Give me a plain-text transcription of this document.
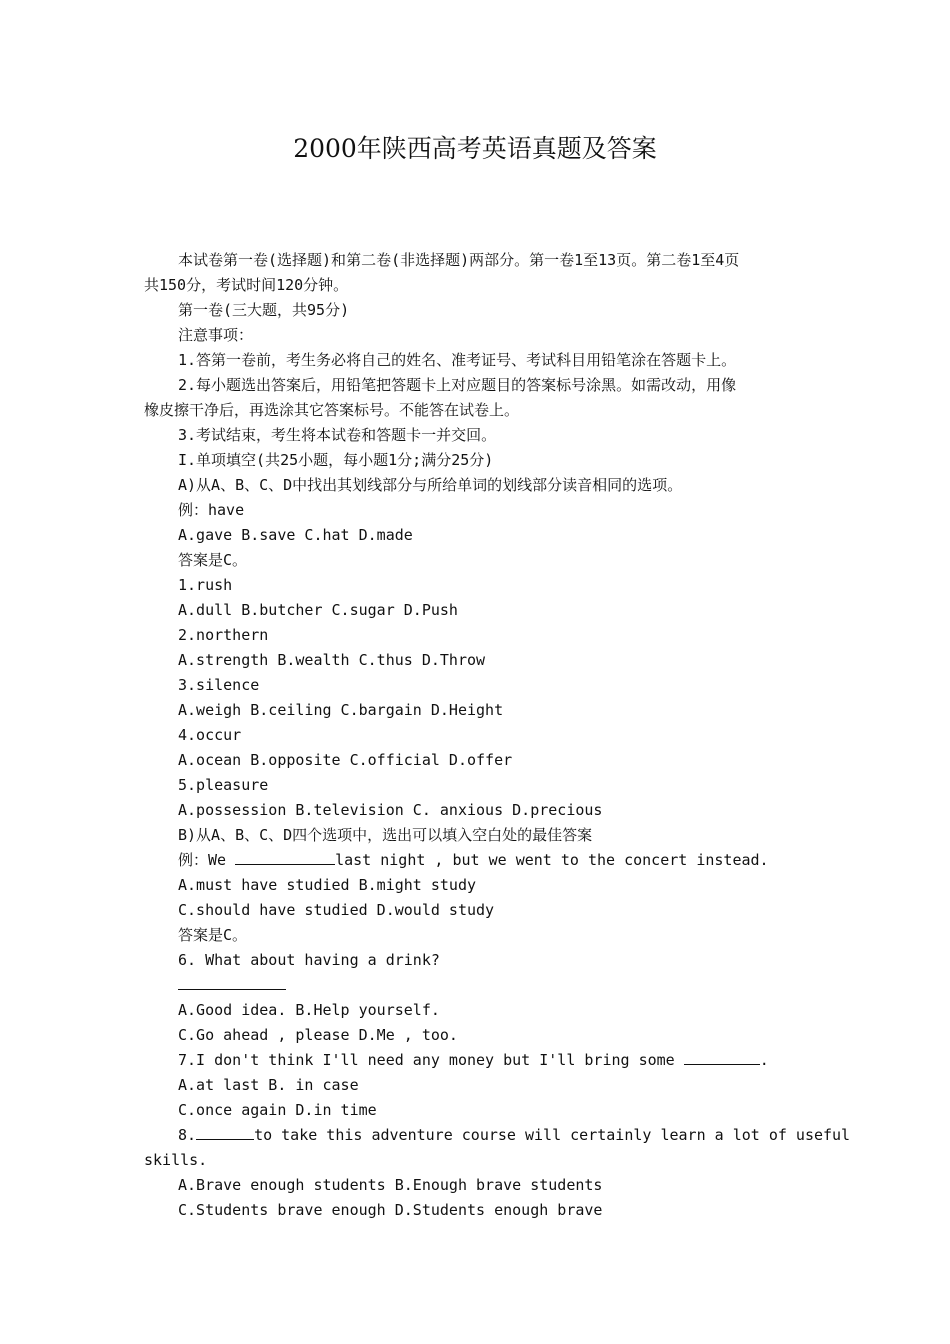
2000年陕西高考英语真题及答案
本试卷第一卷(选择题)和第二卷(非选择题)两部分。第一卷1至13页。第二卷1至4页
共150分，考试时间120分钟。
第一卷(三大题，共95分)
注意事项：
1.答第一卷前，考生务必将自己的姓名、准考证号、考试科目用铅笔涂在答题卡上。
2.每小题选出答案后，用铅笔把答题卡上对应题目的答案标号涂黑。如需改动，用像
橡皮擦干净后，再选涂其它答案标号。不能答在试卷上。
3.考试结束，考生将本试卷和答题卡一并交回。
I.单项填空(共25小题，每小题1分;满分25分)
A)从A、B、C、D中找出其划线部分与所给单词的划线部分读音相同的选项。
例：have
A.gave B.save C.hat D.made
答案是C。
1.rush
A.dull B.butcher C.sugar D.Push
2.northern
A.strength B.wealth C.thus D.Throw
3.silence
A.weigh B.ceiling C.bargain D.Height
4.occur
A.ocean B.opposite C.official D.offer
5.pleasure
A.possession B.television C. anxious D.precious
B)从A、B、C、D四个选项中，选出可以填入空白处的最佳答案
例：We	last night , but we went to the concert instead.
A.must have studied B.might study
C.should have studied D.would study
答案是C。
6. What about having a drink?
A.Good idea. B.Help yourself.
C.Go ahead , please D.Me , too.
7.I don't think I'll need any money but I'll bring some	.
A.at last B. in case
C.once again D.in time
8.	to take this adventure course will certainly learn a lot of useful
skills.
A.Brave enough students B.Enough brave students
C.Students brave enough D.Students enough brave
